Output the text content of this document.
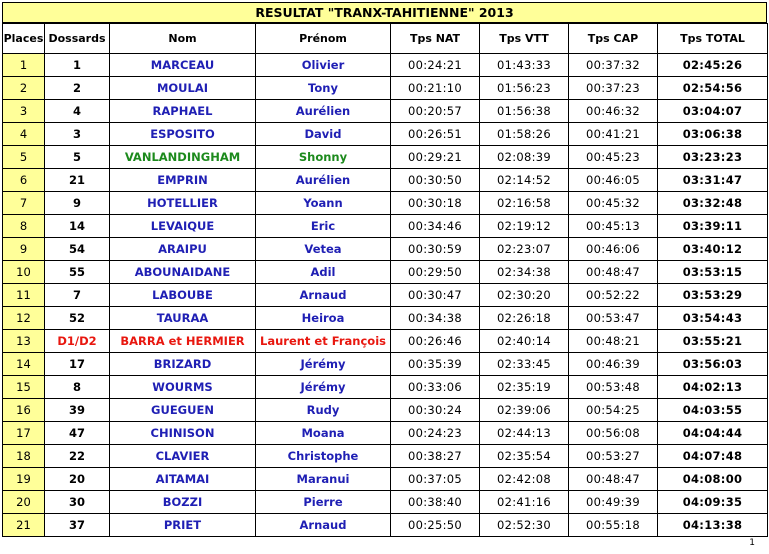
RESULTAT "TRANX-TAHITIENNE" 2013
Places	Dossards	Nom	Prénom	Tps NAT	Tps VTT	Tps CAP	Tps TOTAL
1	1	MARCEAU	Olivier	00:24:21	01:43:33	00:37:32	02:45:26
2	2	MOULAI	Tony	00:21:10	01:56:23	00:37:23	02:54:56
3	4	RAPHAEL	Aurélien	00:20:57	01:56:38	00:46:32	03:04:07
4	3	ESPOSITO	David	00:26:51	01:58:26	00:41:21	03:06:38
5	5	VANLANDINGHAM	Shonny	00:29:21	02:08:39	00:45:23	03:23:23
6	21	EMPRIN	Aurélien	00:30:50	02:14:52	00:46:05	03:31:47
7	9	HOTELLIER	Yoann	00:30:18	02:16:58	00:45:32	03:32:48
8	14	LEVAIQUE	Eric	00:34:46	02:19:12	00:45:13	03:39:11
9	54	ARAIPU	Vetea	00:30:59	02:23:07	00:46:06	03:40:12
10	55	ABOUNAIDANE	Adil	00:29:50	02:34:38	00:48:47	03:53:15
11	7	LABOUBE	Arnaud	00:30:47	02:30:20	00:52:22	03:53:29
12	52	TAURAA	Heiroa	00:34:38	02:26:18	00:53:47	03:54:43
13	D1/D2	BARRA et HERMIER	Laurent et François	00:26:46	02:40:14	00:48:21	03:55:21
14	17	BRIZARD	Jérémy	00:35:39	02:33:45	00:46:39	03:56:03
15	8	WOURMS	Jérémy	00:33:06	02:35:19	00:53:48	04:02:13
16	39	GUEGUEN	Rudy	00:30:24	02:39:06	00:54:25	04:03:55
17	47	CHINISON	Moana	00:24:23	02:44:13	00:56:08	04:04:44
18	22	CLAVIER	Christophe	00:38:27	02:35:54	00:53:27	04:07:48
19	20	AITAMAI	Maranui	00:37:05	02:42:08	00:48:47	04:08:00
20	30	BOZZI	Pierre	00:38:40	02:41:16	00:49:39	04:09:35
21	37	PRIET	Arnaud	00:25:50	02:52:30	00:55:18	04:13:38
1
